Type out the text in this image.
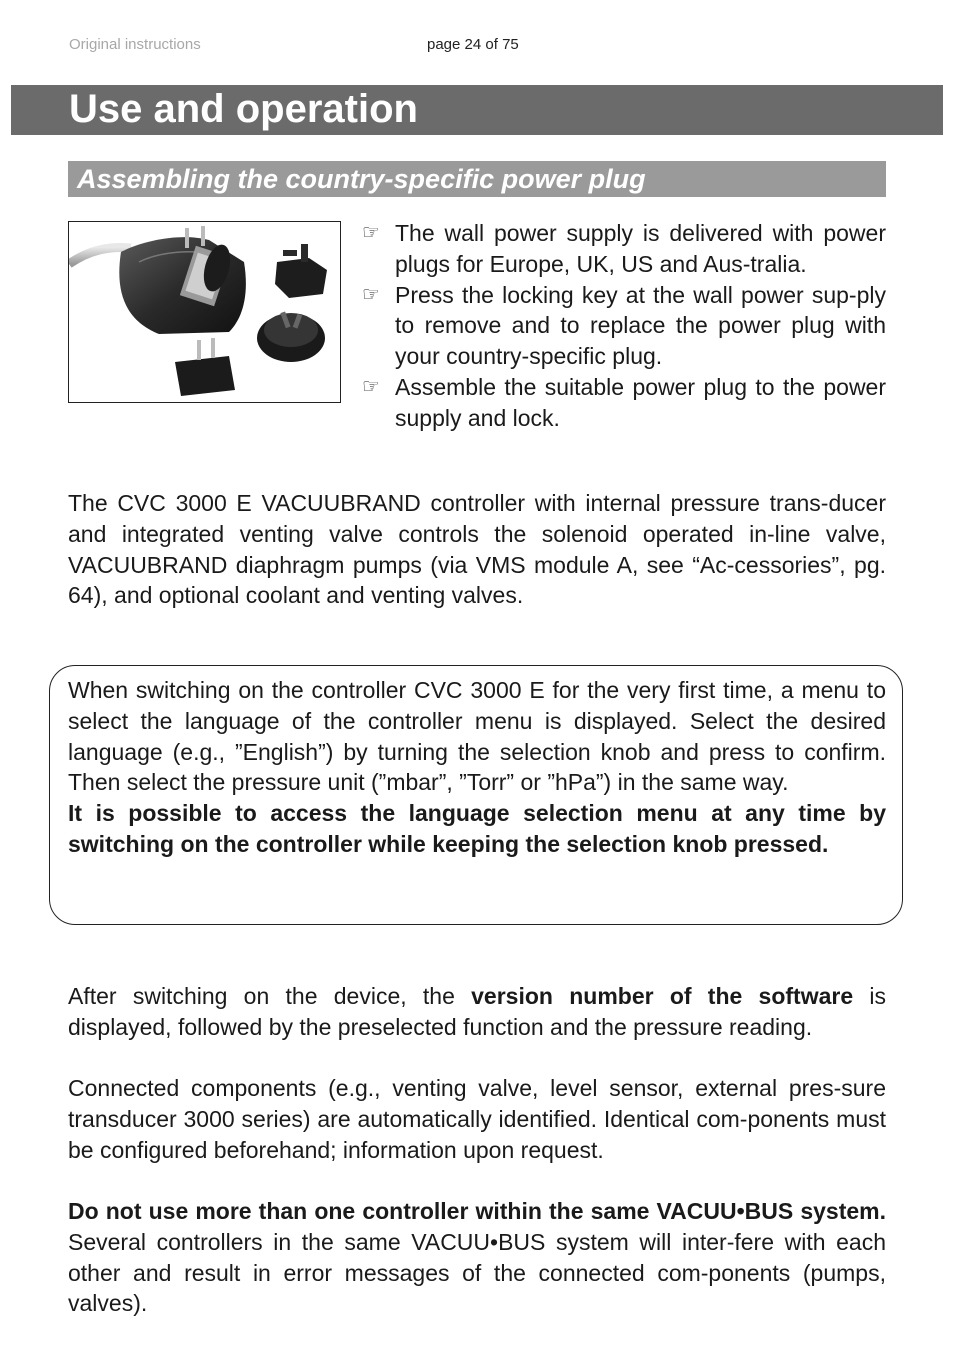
Original instructions	page 24 of 75
Use and operation
Assembling the country-specific power plug
☞ The wall power supply is delivered with power plugs for Europe, UK, US and Aus-tralia.
☞ Press the locking key at the wall power sup-ply to remove and to replace the power plug with your country-specific plug.
☞ Assemble the suitable power plug to the power supply and lock.

The CVC 3000 E VACUUBRAND controller with internal pressure trans-ducer and integrated venting valve controls the solenoid operated in-line valve, VACUUBRAND diaphragm pumps (via VMS module A, see “Ac-cessories”, pg. 64), and optional coolant and venting valves.

When switching on the controller CVC 3000 E for the very first time, a menu to select the language of the controller menu is displayed. Select the desired language (e.g., ”English”) by turning the selection knob and press to confirm. Then select the pressure unit (”mbar”, ”Torr” or ”hPa”) in the same way.
It is possible to access the language selection menu at any time by switching on the controller while keeping the selection knob pressed.

After switching on the device, the version number of the software is displayed, followed by the preselected function and the pressure reading.

Connected components (e.g., venting valve, level sensor, external pres-sure transducer 3000 series) are automatically identified. Identical com-ponents must be configured beforehand; information upon request.

Do not use more than one controller within the same VACUU•BUS system. Several controllers in the same VACUU•BUS system will inter-fere with each other and result in error messages of the connected com-ponents (pumps, valves).
